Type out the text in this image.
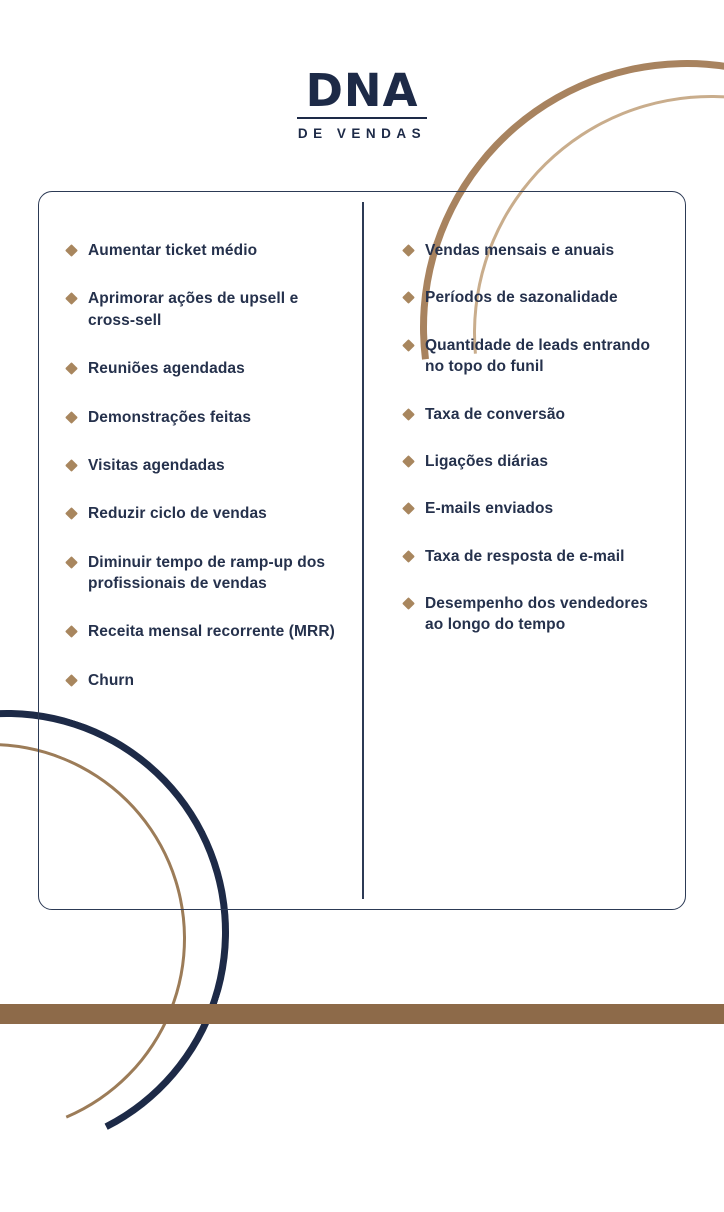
DNA
DE VENDAS
Aumentar ticket médio
Aprimorar ações de upsell e cross-sell
Reuniões agendadas
Demonstrações feitas
Visitas agendadas
Reduzir ciclo de vendas
Diminuir tempo de ramp-up dos profissionais de vendas
Receita mensal recorrente (MRR)
Churn
Vendas mensais e anuais
Períodos de sazonalidade
Quantidade de leads entrando no topo do funil
Taxa de conversão
Ligações diárias
E-mails enviados
Taxa de resposta de e-mail
Desempenho dos vendedores ao longo do tempo
